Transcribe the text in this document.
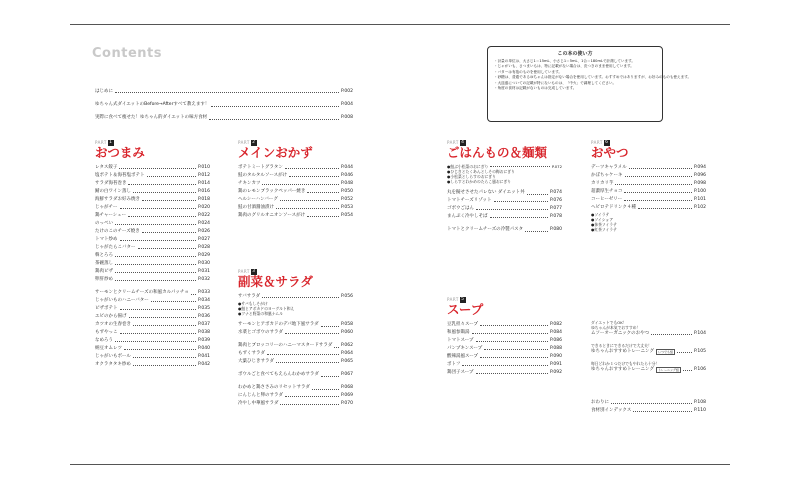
Contents	この本の使い方
・計量の単位は、大さじ1＝15mL、小さじ1＝5mL、1合＝180mLで計測しています。
・じゃがいも、さつまいもは、特に記載がない場合は、皮つきのまま使用しています。
・バターは有塩のものを使用しています。
・砂糖は、普通であるゆちゃんは指定がない場合を使用しています。おすすめではありますが、お好みのものも使えます。
・大皿盛についての記載が特にないものは、「中火」で調理してください。
・角度の食材は記載がないものは完成しています。
はじめに	P.002
ゆちゃん式ダイエットのBefore→Afterすべて教えます！	P.004
実際に食べて痩せた！ゆちゃん的ダイエットの味方食材	P.008
PART 1
おつまみ
レタス餃子	P.010
塩ポテト＆海苔塩ポテト	P.012
サラダ海苔巻き	P.014
鯖の白ワイン蒸し	P.016
海鮮サラダお好み焼き	P.018
じゃがチー	P.020
鶏チャーシュー	P.022
のっぺい	P.024
たけのこのチーズ焼き	P.026
トマト炒め	P.027
じゃがたらこバター	P.028
韓とろろ	P.029
茶碗蒸し	P.030
鶏肉ピザ	P.031
卵肝炒め	P.032
サーモンとクリームチーズの和風カルパッチョ P.033
じゃがいものハニーバター	P.034
ピザポテト	P.035
エビのから揚げ	P.036
カツオの生春巻き	P.037
もずやっこ	P.038
なめろう	P.039
納豆オムレツ	P.040
じゃがいもボール	P.041
オクラタタキ炒め	P.042
PART 2
メインおかず
ポテトミートグラタン	P.044
鮭のタルタルソースがけ	P.046
チキンカツ	P.048
鶏のレモンブラックペッパー焼き	P.050
ヘルシーハンバーグ	P.052
鮭の甘酒醤油漬け	P.053
鶏肉のグリルオニオンソースがけ	P.054
PART 3
副菜＆サラダ
サバサラダ	P.056
●サバもしそがけ
●鮭とアボカドのヨーグルト和え
●ツナと野菜の和風ナムル
サーモンとアボカドのデパ地下風サラダ	P.058
水菜とゴボウのサラダ	P.060
鶏肉とブロッコリーのハニーマスタードサラダ P.062
もずくサラダ	P.064
大葉ひじきサラダ	P.065
ボウルごと食べてもえらんわかめサラダ	P.067
わかめと鶏ささみのリセットサラダ	P.068
にんじんと卵のサラダ	P.069
冷やし中華風サラダ	P.070
PART 4
ごはんもの＆麺類
●鮭ぶ小松菜のおにぎり	P.072
●ひじきとたくあんとしその梅おにぎり
●小松菜としらすのおにぎり
●しらすとわかめのたらこ風おにぎり
丸を擬せさせたパレない ダイエット丼	P.074
トマトチーズリゾット	P.076
ゴボウごはん	P.077
まんぷく冷やしそば	P.078
トマトとクリームチーズの冷製パスタ	P.080
PART 5
スープ
豆乳担々スープ	P.082
和風参鶏湯	P.084
トマトスープ	P.086
パンプキンスープ	P.088
酸辣湯風スープ	P.090
ポトフ	P.091
鶏団子スープ	P.092
PART 6
おやつ
デーツキャラメル	P.094
かぼちゃケーキ	P.096
カリカリ芋	P.098
超濃厚生チョコ	P.100
コーヒーゼリー	P.101
ヘビロテドリンク４種	P.102
●ソイラテ
●ソイショア
●抹茶ソイラテ
●紅茶ソイラテ
ダイエットでもOK！
ゆちゃんが本気でおすすめ！
ムソーオーガニックのおやつ	P.104
できるときにできるだけで大丈夫！
ゆちゃんおすすめトレーニング	いつでも組	P.105
毎日どれか１つだけでもやれたら十分！
ゆちゃんおすすめトレーニング	トレーニング組	P.106
おわりに	P.108
食材別インデックス	P.110
